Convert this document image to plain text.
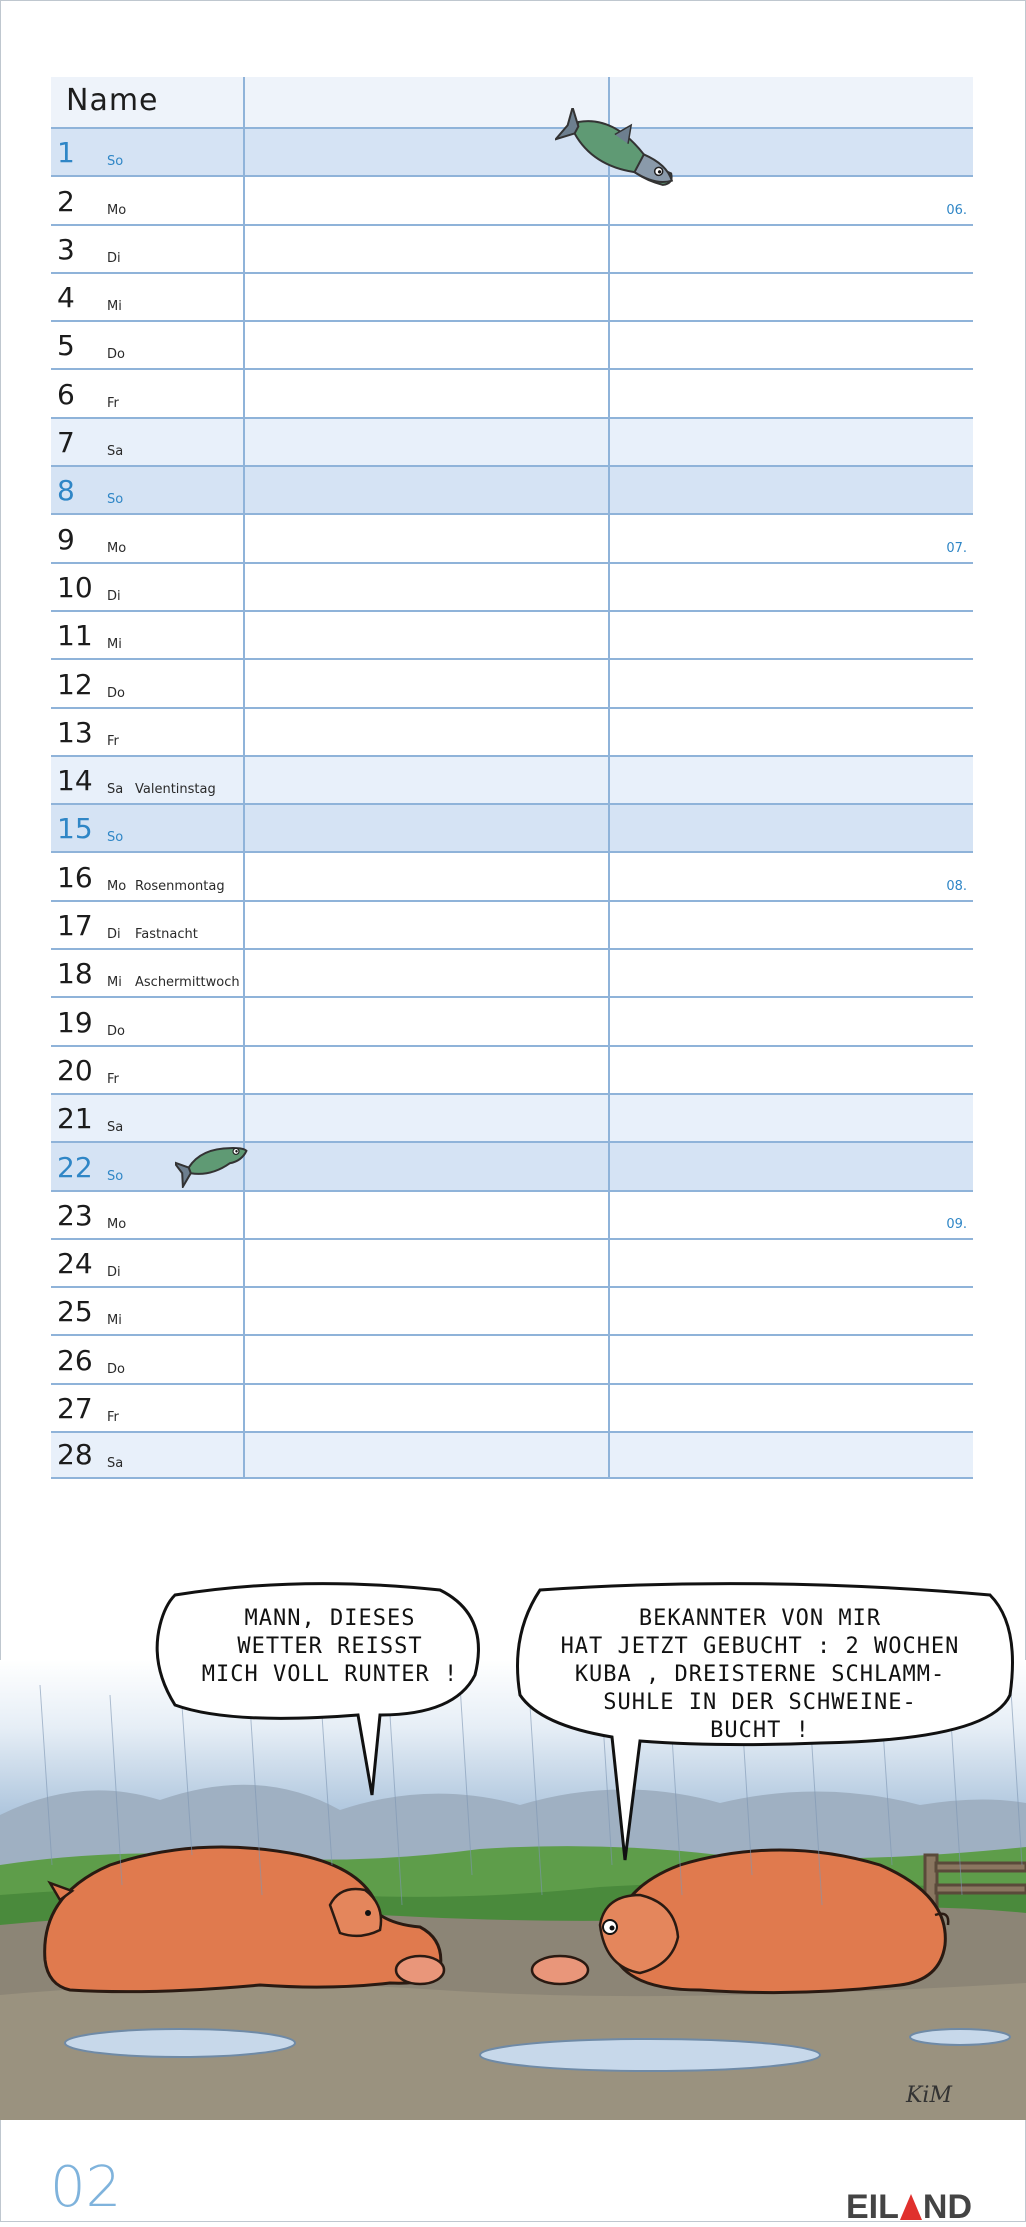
Name
1 So
2 Mo	06.
3 Di
4 Mi
5 Do
6 Fr
7 Sa
8 So
9 Mo	07.
10 Di
11 Mi
12 Do
13 Fr
14 Sa Valentinstag
15 So
16 Mo Rosenmontag	08.
17 Di Fastnacht
18 Mi Aschermittwoch
19 Do
20 Fr
21 Sa
22 So
23 Mo	09.
24 Di
25 Mi
26 Do
27 Fr
28 Sa
MANN, DIESES
WETTER REISST
MICH VOLL RUNTER !
BEKANNTER VON MIR
HAT JETZT GEBUCHT : 2 WOCHEN
KUBA , DREISTERNE SCHLAMM-
SUHLE IN DER SCHWEINE-
BUCHT !
KiM
02	EIL ND
